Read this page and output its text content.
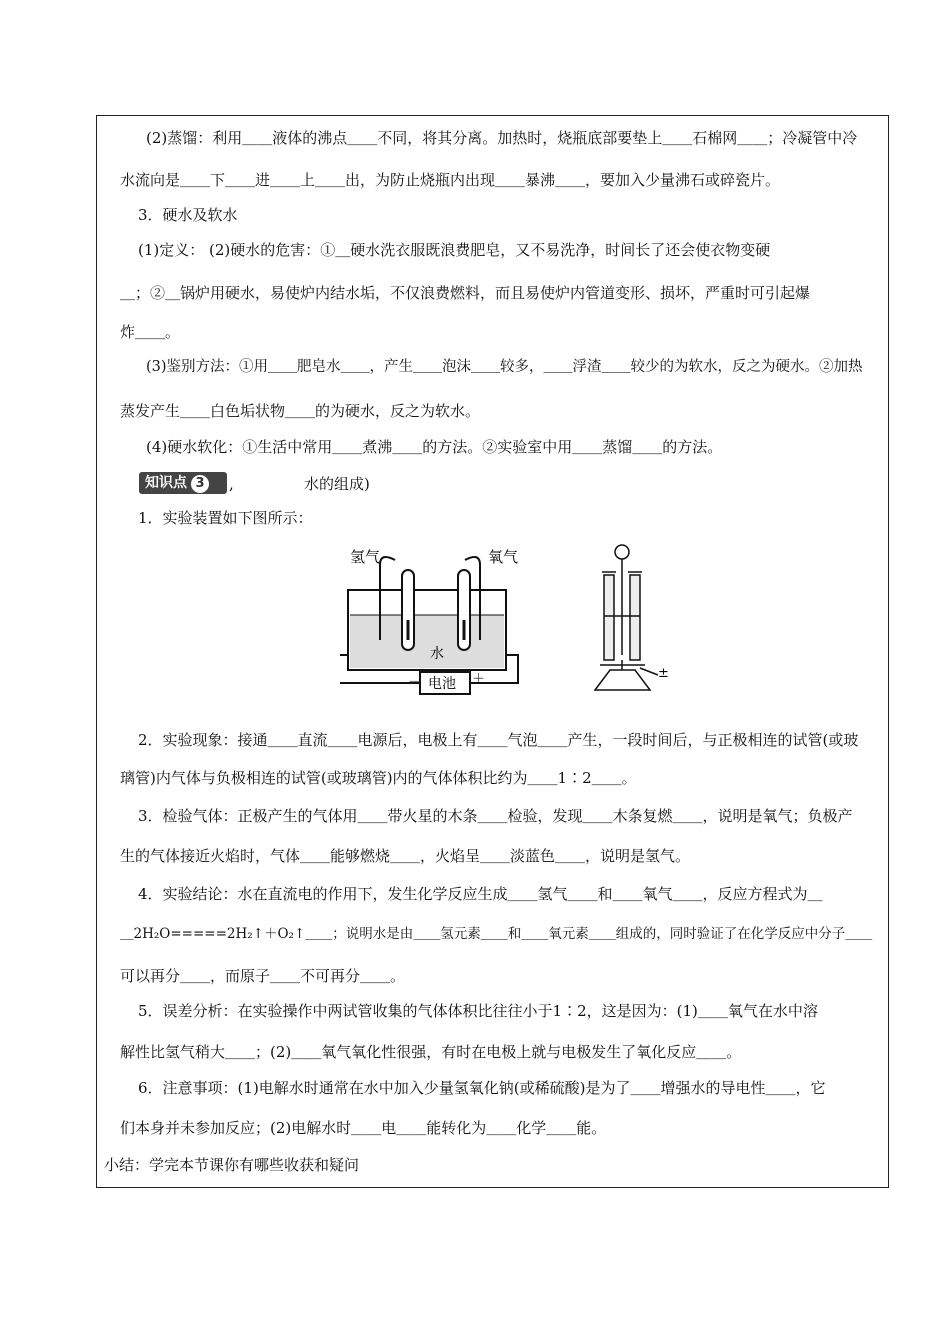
(2)蒸馏：利用＿＿液体的沸点＿＿不同，将其分离。加热时，烧瓶底部要垫上＿＿石棉网＿＿；冷凝管中冷
水流向是＿＿下＿＿进＿＿上＿＿出，为防止烧瓶内出现＿＿暴沸＿＿，要加入少量沸石或碎瓷片。
3．硬水及软水
(1)定义： (2)硬水的危害：①＿硬水洗衣服既浪费肥皂，又不易洗净，时间长了还会使衣物变硬
＿；②＿锅炉用硬水，易使炉内结水垢，不仅浪费燃料，而且易使炉内管道变形、损坏，严重时可引起爆
炸＿＿。
(3)鉴别方法：①用＿＿肥皂水＿＿，产生＿＿泡沫＿＿较多，＿＿浮渣＿＿较少的为软水，反之为硬水。②加热
蒸发产生＿＿白色垢状物＿＿的为硬水，反之为软水。
(4)硬水软化：①生活中常用＿＿煮沸＿＿的方法。②实验室中用＿＿蒸馏＿＿的方法。
知识点 3	,	水的组成)
1．实验装置如下图所示：
氢气	氧气
水
电池
－	＋	±
2．实验现象：接通＿＿直流＿＿电源后，电极上有＿＿气泡＿＿产生，一段时间后，与正极相连的试管(或玻
璃管)内气体与负极相连的试管(或玻璃管)内的气体体积比约为＿＿1∶2＿＿。
3．检验气体：正极产生的气体用＿＿带火星的木条＿＿检验，发现＿＿木条复燃＿＿，说明是氧气；负极产
生的气体接近火焰时，气体＿＿能够燃烧＿＿，火焰呈＿＿淡蓝色＿＿，说明是氢气。
4．实验结论：水在直流电的作用下，发生化学反应生成＿＿氢气＿＿和＿＿氧气＿＿，反应方程式为＿
＿2H₂O=====2H₂↑＋O₂↑＿＿；说明水是由＿＿氢元素＿＿和＿＿氧元素＿＿组成的，同时验证了在化学反应中分子＿＿
可以再分＿＿，而原子＿＿不可再分＿＿。
5．误差分析：在实验操作中两试管收集的气体体积比往往小于1∶2，这是因为：(1)＿＿氧气在水中溶
解性比氢气稍大＿＿；(2)＿＿氧气氧化性很强，有时在电极上就与电极发生了氧化反应＿＿。
6．注意事项：(1)电解水时通常在水中加入少量氢氧化钠(或稀硫酸)是为了＿＿增强水的导电性＿＿，它
们本身并未参加反应；(2)电解水时＿＿电＿＿能转化为＿＿化学＿＿能。
小结：学完本节课你有哪些收获和疑问
